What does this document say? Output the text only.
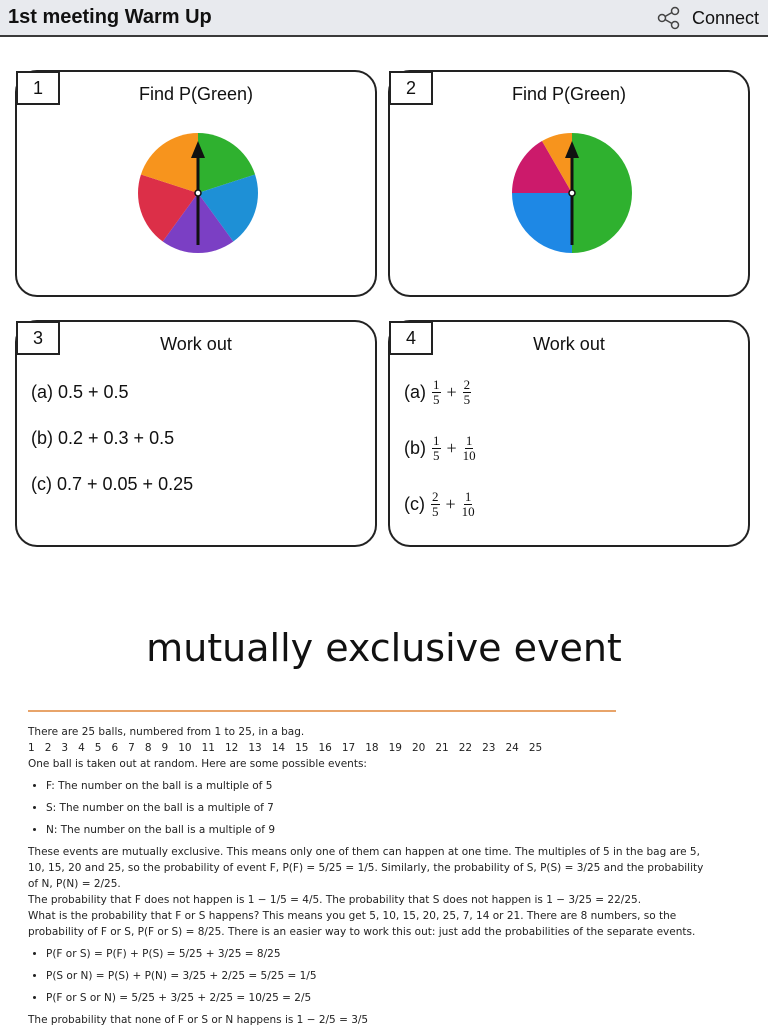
1st meeting Warm Up	Connect
1	Find P(Green)	2	Find P(Green)
3	Work out
(a) 0.5 + 0.5
(b) 0.2 + 0.3 + 0.5
(c) 0.7 + 0.05 + 0.25
4	Work out
$(a) \frac{1}{5} + \frac{2}{5}$
$(b) \frac{1}{5} + \frac{1}{10}$
$(c) \frac{2}{5} + \frac{1}{10}$
mutually exclusive event

There are 25 balls, numbered from 1 to 25, in a bag.

1   2   3   4   5   6   7   8   9   10   11   12   13   14   15   16   17   18   19   20   21   22   23   24   25

One ball is taken out at random. Here are some possible events:

• F: The number on the ball is a multiple of 5
• S: The number on the ball is a multiple of 7
• N: The number on the ball is a multiple of 9

These events are mutually exclusive. This means only one of them can happen at one time. The multiples of 5 in the bag are 5, 10, 15, 20 and 25, so the probability of event F, P(F) = 5/25 = 1/5. Similarly, the probability of S, P(S) = 3/25 and the probability of N, P(N) = 2/25.

The probability that F does not happen is 1 − 1/5 = 4/5. The probability that S does not happen is 1 − 3/25 = 22/25.

What is the probability that F or S happens? This means you get 5, 10, 15, 20, 25, 7, 14 or 21. There are 8 numbers, so the probability of F or S, P(F or S) = 8/25. There is an easier way to work this out: just add the probabilities of the separate events.

• P(F or S) = P(F) + P(S) = 5/25 + 3/25 = 8/25
• P(S or N) = P(S) + P(N) = 3/25 + 2/25 = 5/25 = 1/5
• P(F or S or N) = 5/25 + 3/25 + 2/25 = 10/25 = 2/5

The probability that none of F or S or N happens is 1 − 2/5 = 3/5
